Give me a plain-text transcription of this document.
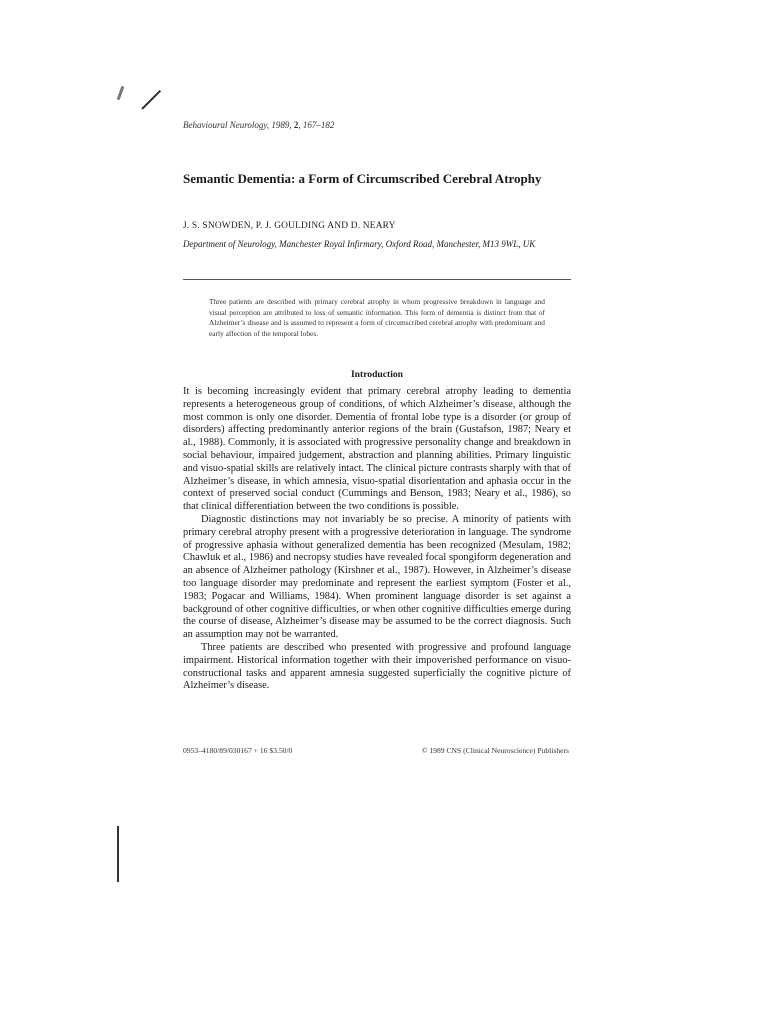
Behavioural Neurology, 1989, 2, 167–182
Semantic Dementia: a Form of Circumscribed Cerebral Atrophy
J. S. SNOWDEN, P. J. GOULDING AND D. NEARY
Department of Neurology, Manchester Royal Infirmary, Oxford Road, Manchester, M13 9WL, UK
Three patients are described with primary cerebral atrophy in whom progressive breakdown in language and visual perception are attributed to loss of semantic information. This form of dementia is distinct from that of Alzheimer’s disease and is assumed to represent a form of circumscribed cerebral atrophy with predominant and early affection of the temporal lobes.
Introduction

It is becoming increasingly evident that primary cerebral atrophy leading to dementia represents a heterogeneous group of conditions, of which Alzheimer’s disease, although the most common is only one disorder. Dementia of frontal lobe type is a disorder (or group of disorders) affecting predominantly anterior regions of the brain (Gustafson, 1987; Neary et al., 1988). Commonly, it is associated with progressive personality change and breakdown in social behaviour, impaired judgement, abstraction and planning abilities. Primary linguistic and visuo-spatial skills are relatively intact. The clinical picture contrasts sharply with that of Alzheimer’s disease, in which amnesia, visuo-spatial disorientation and aphasia occur in the context of preserved social conduct (Cummings and Benson, 1983; Neary et al., 1986), so that clinical differentiation between the two conditions is possible.

Diagnostic distinctions may not invariably be so precise. A minority of patients with primary cerebral atrophy present with a progressive deterioration in language. The syndrome of progressive aphasia without generalized dementia has been recognized (Mesulam, 1982; Chawluk et al., 1986) and necropsy studies have revealed focal spongiform degeneration and an absence of Alzheimer pathology (Kirshner et al., 1987). However, in Alzheimer’s disease too language disorder may predominate and represent the earliest symptom (Foster et al., 1983; Pogacar and Williams, 1984). When prominent language disorder is set against a background of other cognitive difficulties, or when other cognitive difficulties emerge during the course of disease, Alzheimer’s disease may be assumed to be the correct diagnosis. Such an assumption may not be warranted.

Three patients are described who presented with progressive and profound language impairment. Historical information together with their impoverished performance on visuo-constructional tasks and apparent amnesia suggested superficially the cognitive picture of Alzheimer’s disease.

0953–4180/89/030167 + 16 $3.50/0	© 1989 CNS (Clinical Neuroscience) Publishers
